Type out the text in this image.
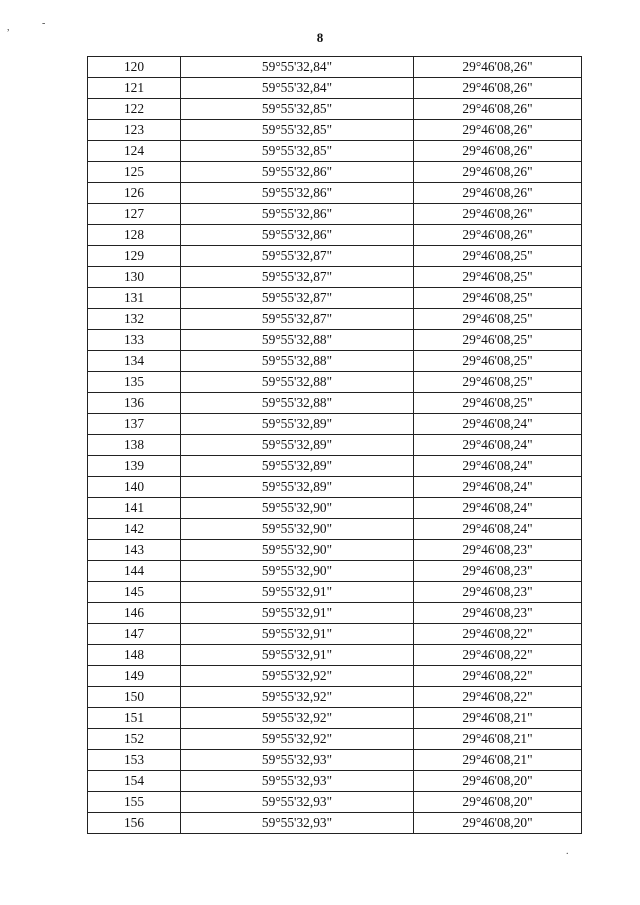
,	-
8
120	59°55'32,84"	29°46'08,26"
121	59°55'32,84"	29°46'08,26"
122	59°55'32,85"	29°46'08,26"
123	59°55'32,85"	29°46'08,26"
124	59°55'32,85"	29°46'08,26"
125	59°55'32,86"	29°46'08,26"
126	59°55'32,86"	29°46'08,26"
127	59°55'32,86"	29°46'08,26"
128	59°55'32,86"	29°46'08,26"
129	59°55'32,87"	29°46'08,25"
130	59°55'32,87"	29°46'08,25"
131	59°55'32,87"	29°46'08,25"
132	59°55'32,87"	29°46'08,25"
133	59°55'32,88"	29°46'08,25"
134	59°55'32,88"	29°46'08,25"
135	59°55'32,88"	29°46'08,25"
136	59°55'32,88"	29°46'08,25"
137	59°55'32,89"	29°46'08,24"
138	59°55'32,89"	29°46'08,24"
139	59°55'32,89"	29°46'08,24"
140	59°55'32,89"	29°46'08,24"
141	59°55'32,90"	29°46'08,24"
142	59°55'32,90"	29°46'08,24"
143	59°55'32,90"	29°46'08,23"
144	59°55'32,90"	29°46'08,23"
145	59°55'32,91"	29°46'08,23"
146	59°55'32,91"	29°46'08,23"
147	59°55'32,91"	29°46'08,22"
148	59°55'32,91"	29°46'08,22"
149	59°55'32,92"	29°46'08,22"
150	59°55'32,92"	29°46'08,22"
151	59°55'32,92"	29°46'08,21"
152	59°55'32,92"	29°46'08,21"
153	59°55'32,93"	29°46'08,21"
154	59°55'32,93"	29°46'08,20"
155	59°55'32,93"	29°46'08,20"
156	59°55'32,93"	29°46'08,20"
.
